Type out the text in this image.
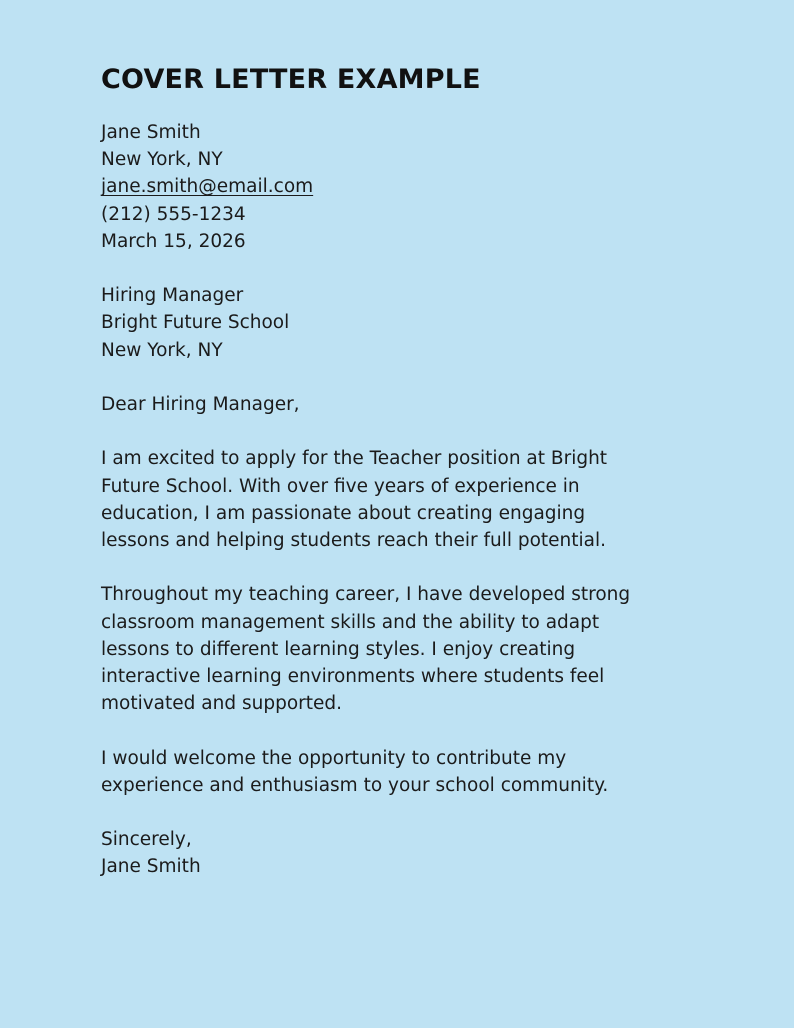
COVER LETTER EXAMPLE
Jane Smith
New York, NY
jane.smith@email.com
(212) 555-1234
March 15, 2026
Hiring Manager
Bright Future School
New York, NY
Dear Hiring Manager,
I am excited to apply for the Teacher position at Bright
Future School. With over five years of experience in
education, I am passionate about creating engaging
lessons and helping students reach their full potential.
Throughout my teaching career, I have developed strong
classroom management skills and the ability to adapt
lessons to different learning styles. I enjoy creating
interactive learning environments where students feel
motivated and supported.
I would welcome the opportunity to contribute my
experience and enthusiasm to your school community.
Sincerely,
Jane Smith
